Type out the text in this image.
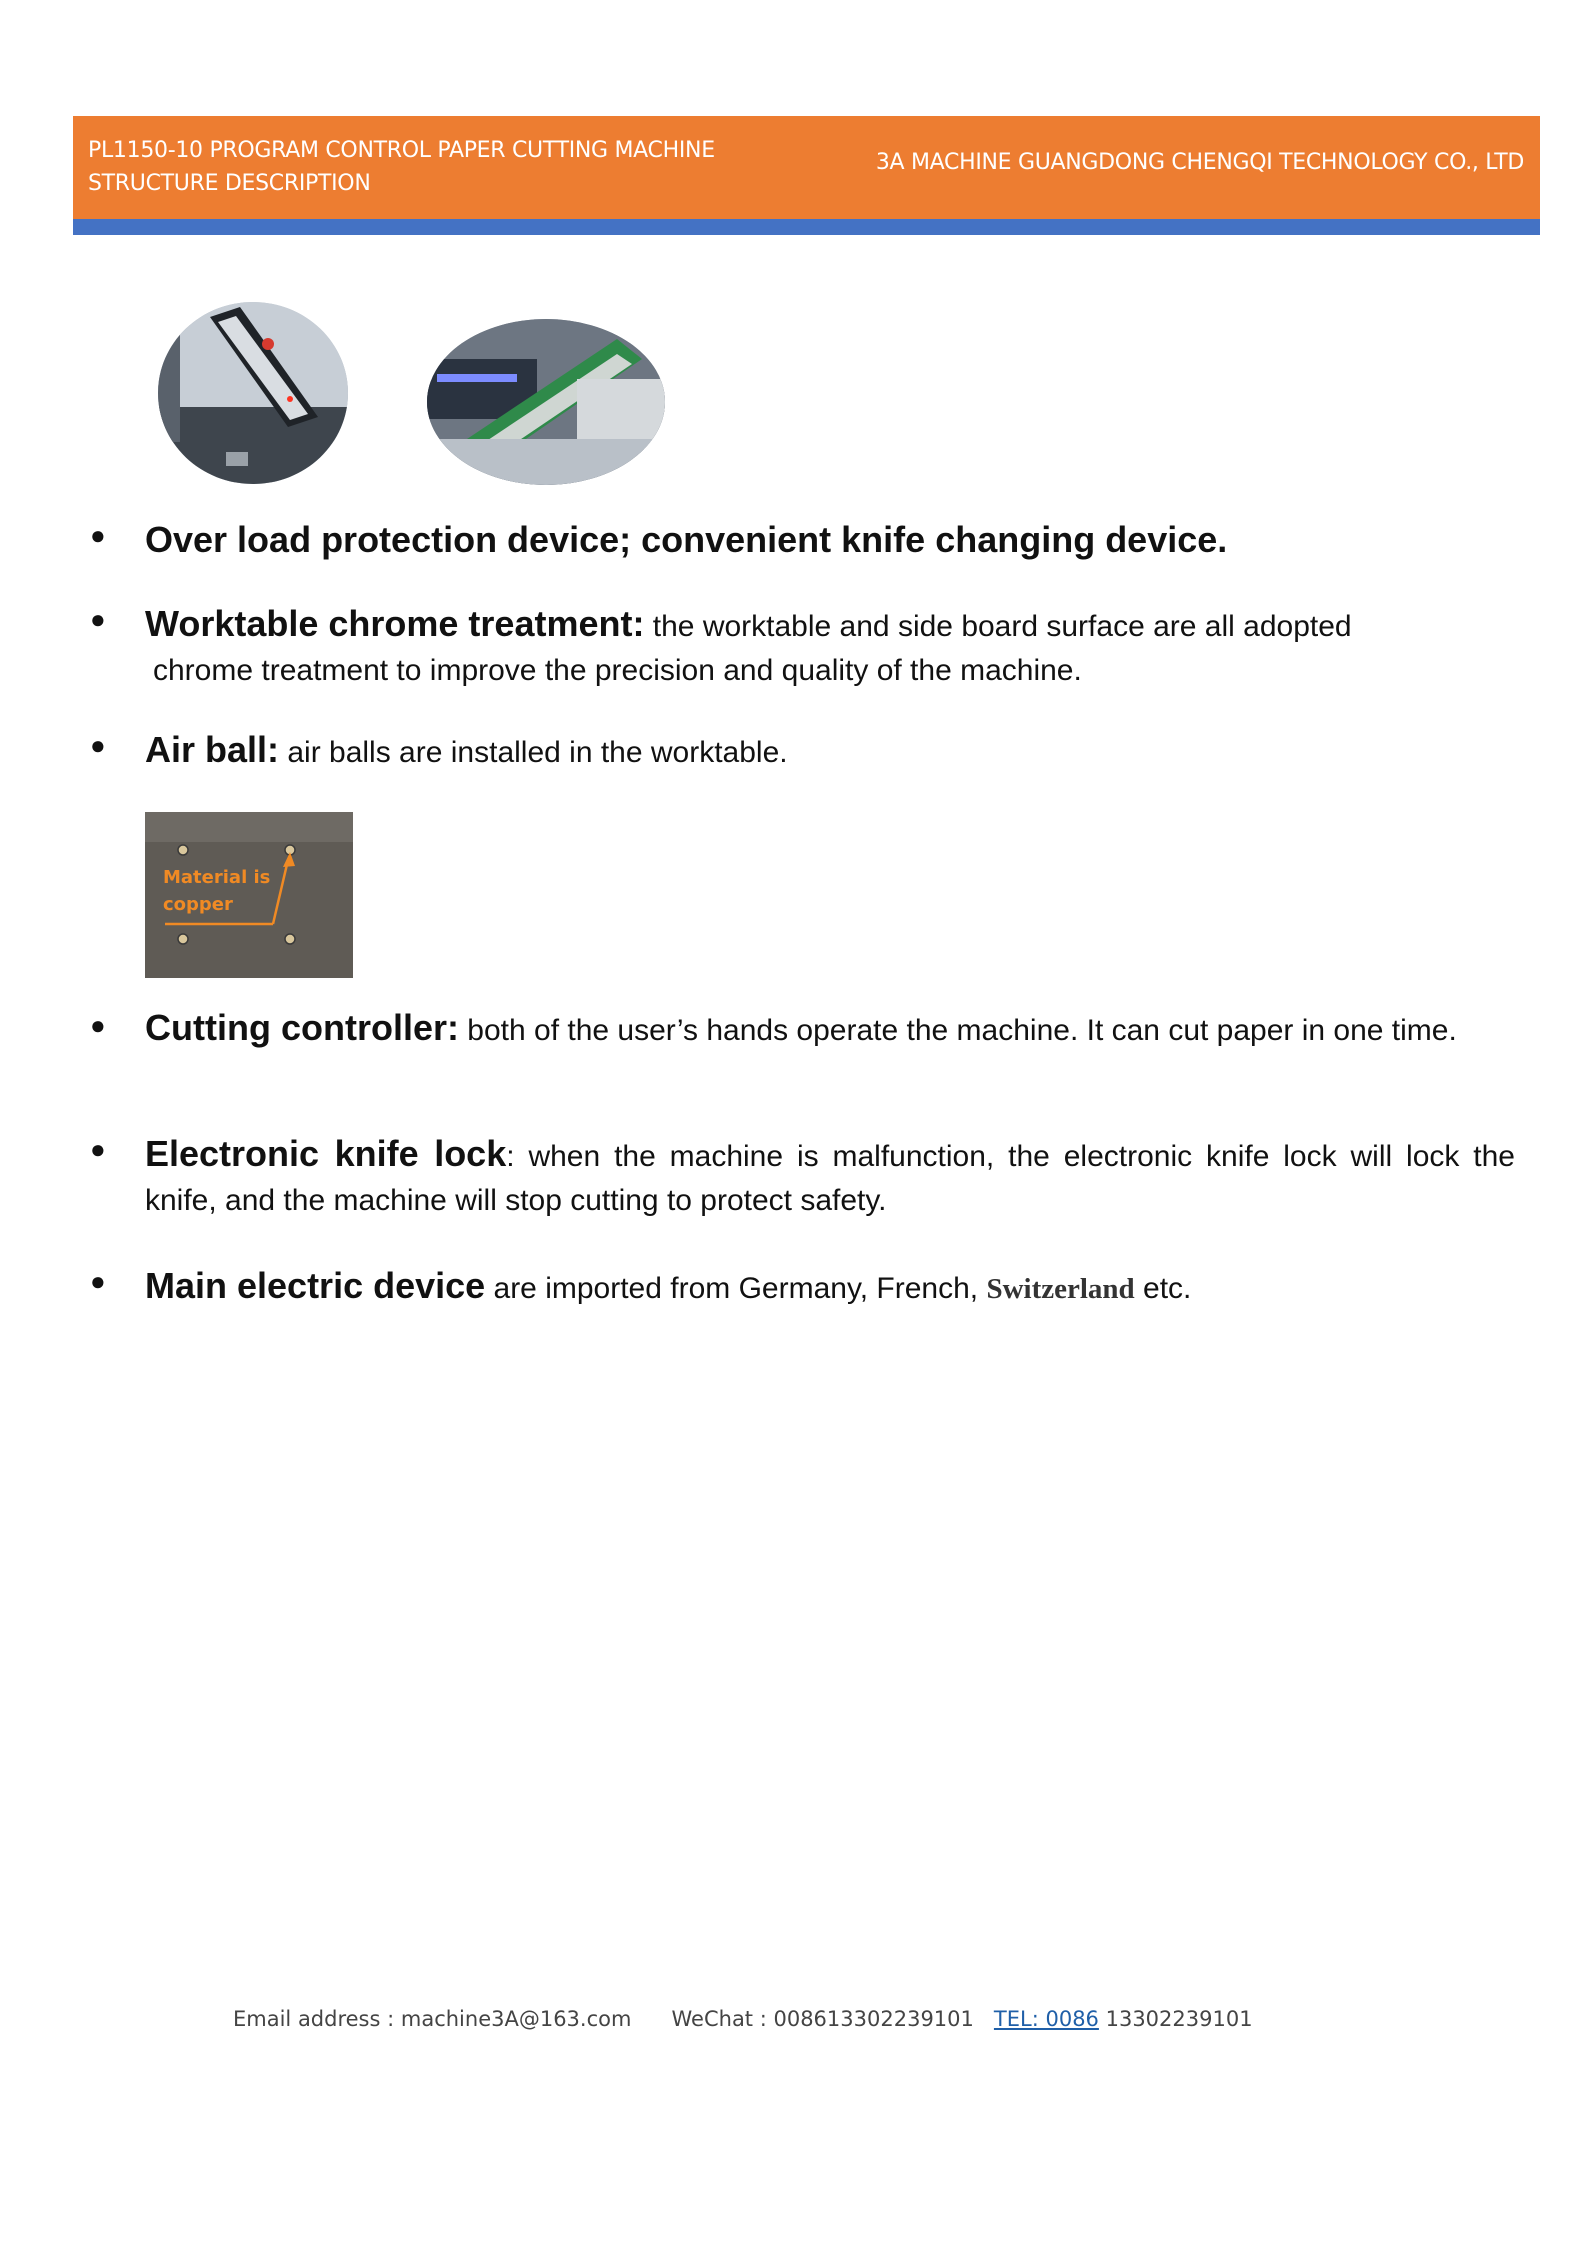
PL1150-10 PROGRAM CONTROL PAPER CUTTING MACHINE
STRUCTURE DESCRIPTION
3A MACHINE GUANGDONG CHENGQI TECHNOLOGY CO., LTD
● Over load protection device; convenient knife changing device.
● Worktable chrome treatment: the worktable and side board surface are all adopted
chrome treatment to improve the precision and quality of the machine.
● Air ball: air balls are installed in the worktable.
Material is
copper
● Cutting controller: both of the user’s hands operate the machine. It can cut paper in one time.
● Electronic knife lock: when the machine is malfunction, the electronic knife lock will lock the knife, and the machine will stop cutting to protect safety.
● Main electric device are imported from Germany, French, Switzerland etc.
Email address : machine3A@163.com WeChat : 008613302239101 TEL: 0086 13302239101
